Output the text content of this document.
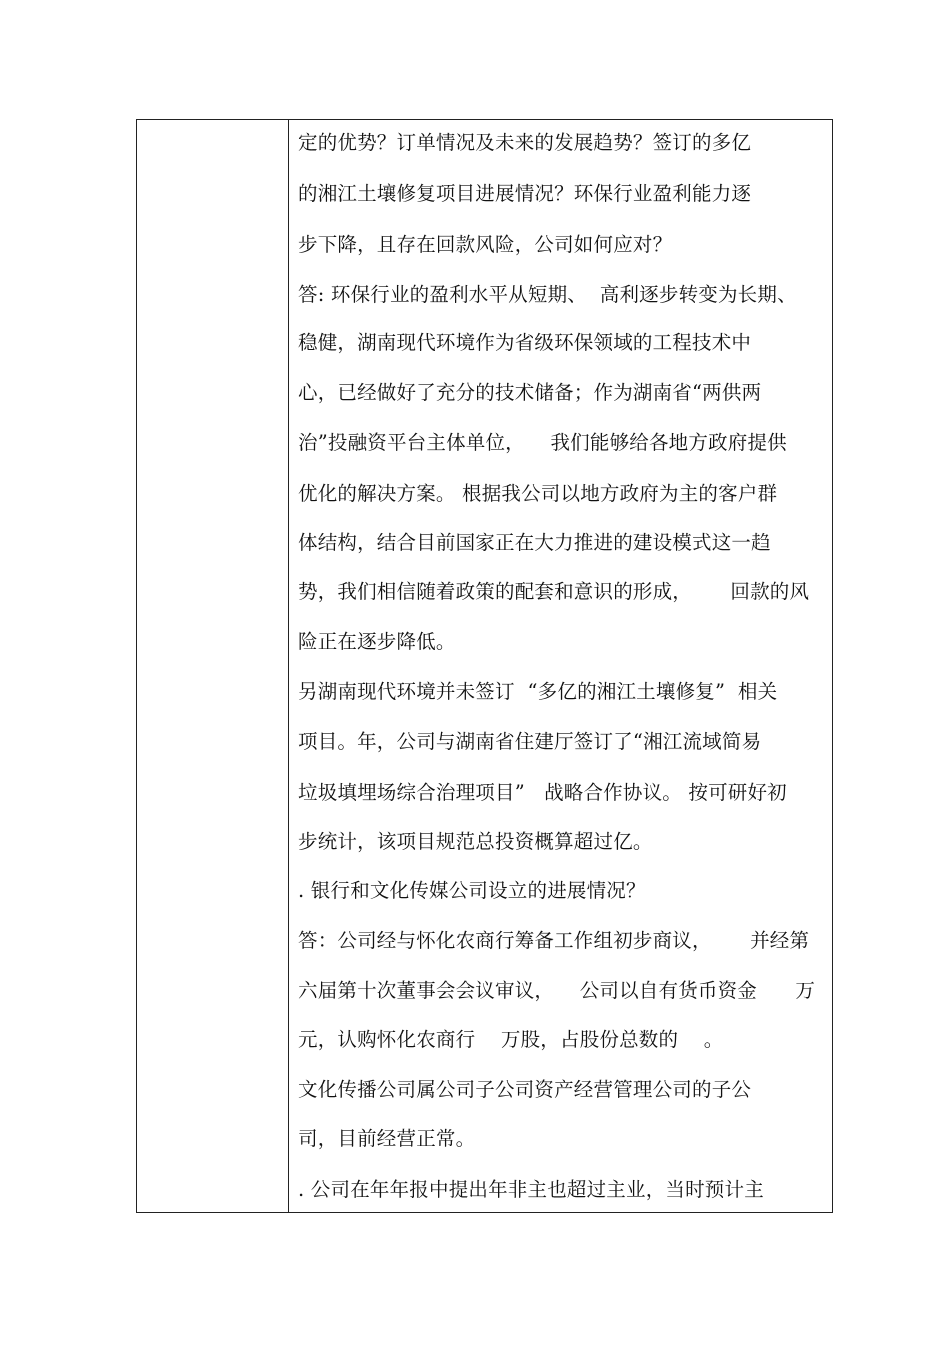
定的优势？订单情况及未来的发展趋势？签订的多亿
的湘江土壤修复项目进展情况？环保行业盈利能力逐
步下降，且存在回款风险，公司如何应对？
答: 环保行业的盈利水平从短期、  高利逐步转变为长期、
稳健，湖南现代环境作为省级环保领域的工程技术中
心，已经做好了充分的技术储备；作为湖南省“两供两
治”投融资平台主体单位，    我们能够给各地方政府提供
优化的解决方案。 根据我公司以地方政府为主的客户群
体结构，结合目前国家正在大力推进的建设模式这一趋
势，我们相信随着政策的配套和意识的形成，      回款的风
险正在逐步降低。
另湖南现代环境并未签订  “多亿的湘江土壤修复”  相关
项目。年，公司与湖南省住建厅签订了“湘江流域简易
垃圾填埋场综合治理项目”   战略合作协议。 按可研好初
步统计，该项目规范总投资概算超过亿。
. 银行和文化传媒公司设立的进展情况？
答：公司经与怀化农商行筹备工作组初步商议，      并经第
六届第十次董事会会议审议，    公司以自有货币资金      万
元，认购怀化农商行    万股，占股份总数的    。
文化传播公司属公司子公司资产经营管理公司的子公
司，目前经营正常。
. 公司在年年报中提出年非主也超过主业，当时预计主
